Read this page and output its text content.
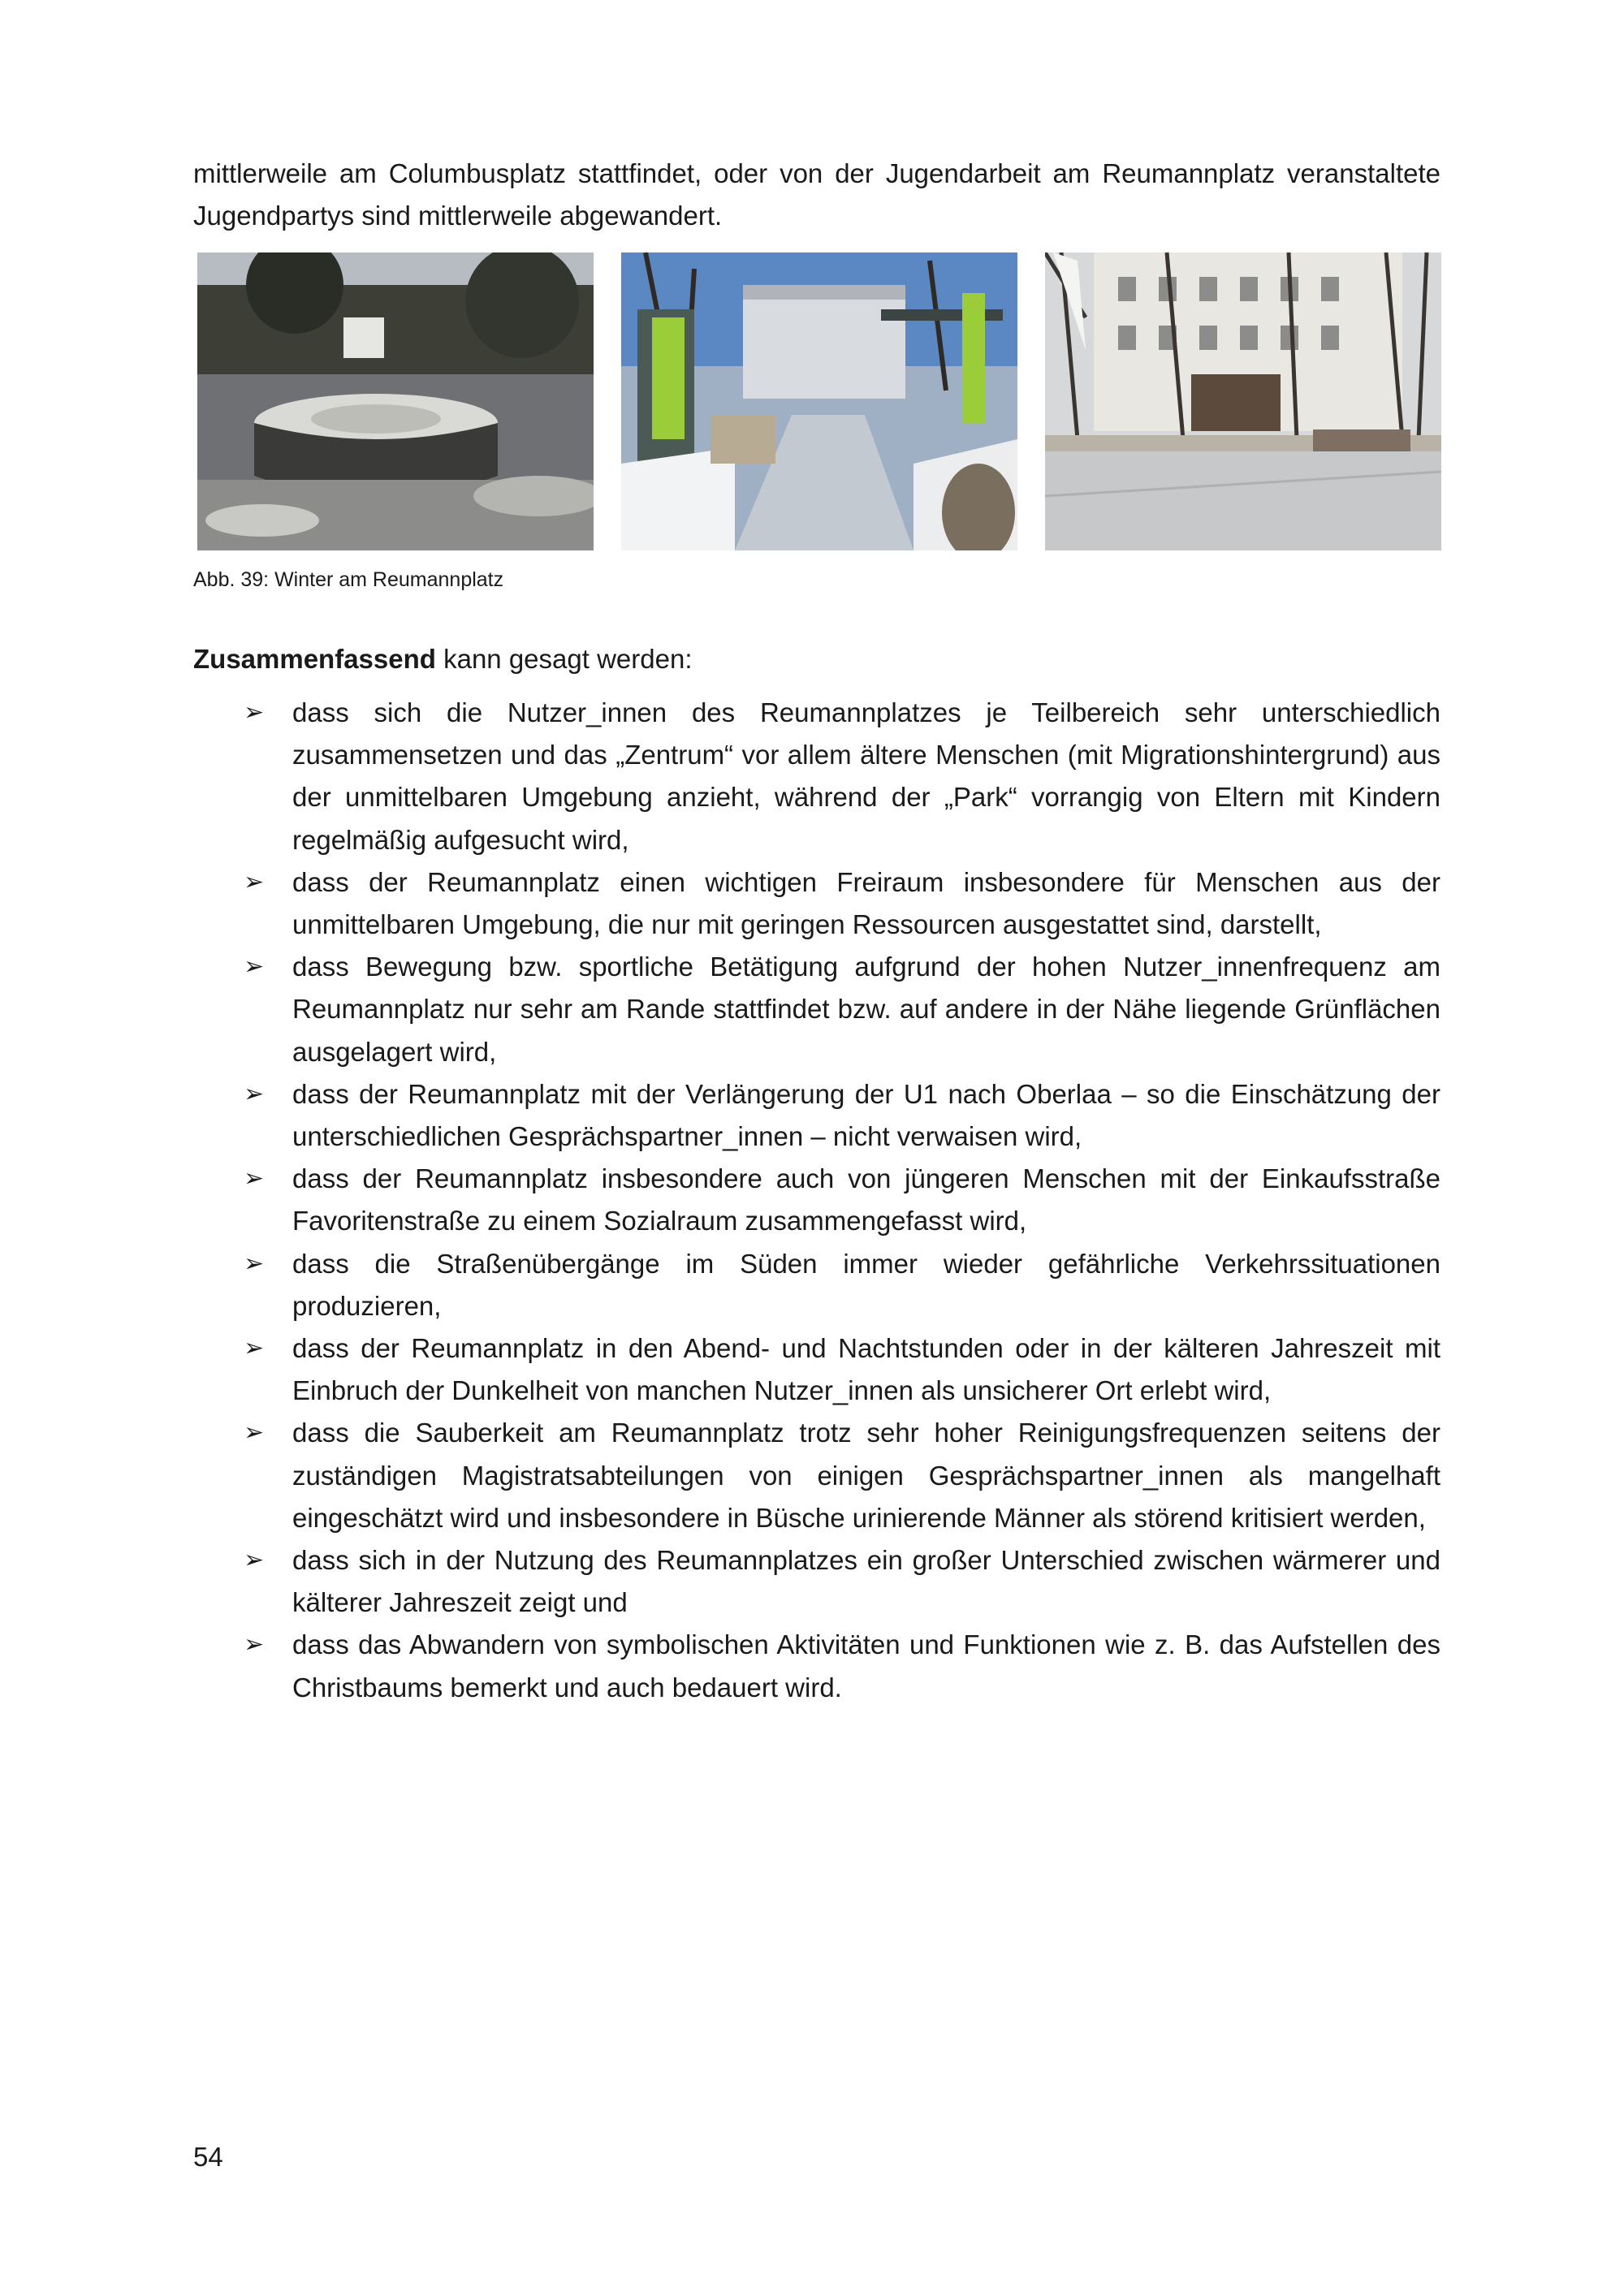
mittlerweile am Columbusplatz stattfindet, oder von der Jugendarbeit am Reumannplatz veranstaltete Jugendpartys sind mittlerweile abgewandert.

Abb. 39: Winter am Reumannplatz

Zusammenfassend kann gesagt werden:

➢ dass sich die Nutzer_innen des Reumannplatzes je Teilbereich sehr unterschiedlich zusammensetzen und das „Zentrum“ vor allem ältere Menschen (mit Migrationshintergrund) aus der unmittelbaren Umgebung anzieht, während der „Park“ vorrangig von Eltern mit Kindern regelmäßig aufgesucht wird,
➢ dass der Reumannplatz einen wichtigen Freiraum insbesondere für Menschen aus der unmittelbaren Umgebung, die nur mit geringen Ressourcen ausgestattet sind, darstellt,
➢ dass Bewegung bzw. sportliche Betätigung aufgrund der hohen Nutzer_innenfrequenz am Reumannplatz nur sehr am Rande stattfindet bzw. auf andere in der Nähe liegende Grünflächen ausgelagert wird,
➢ dass der Reumannplatz mit der Verlängerung der U1 nach Oberlaa – so die Einschätzung der unterschiedlichen Gesprächspartner_innen – nicht verwaisen wird,
➢ dass der Reumannplatz insbesondere auch von jüngeren Menschen mit der Einkaufsstraße Favoritenstraße zu einem Sozialraum zusammengefasst wird,
➢ dass die Straßenübergänge im Süden immer wieder gefährliche Verkehrssituationen produzieren,
➢ dass der Reumannplatz in den Abend- und Nachtstunden oder in der kälteren Jahreszeit mit Einbruch der Dunkelheit von manchen Nutzer_innen als unsicherer Ort erlebt wird,
➢ dass die Sauberkeit am Reumannplatz trotz sehr hoher Reinigungsfrequenzen seitens der zuständigen Magistratsabteilungen von einigen Gesprächspartner_innen als mangelhaft eingeschätzt wird und insbesondere in Büsche urinierende Männer als störend kritisiert werden,
➢ dass sich in der Nutzung des Reumannplatzes ein großer Unterschied zwischen wärmerer und kälterer Jahreszeit zeigt und
➢ dass das Abwandern von symbolischen Aktivitäten und Funktionen wie z. B. das Aufstellen des Christbaums bemerkt und auch bedauert wird.

54
